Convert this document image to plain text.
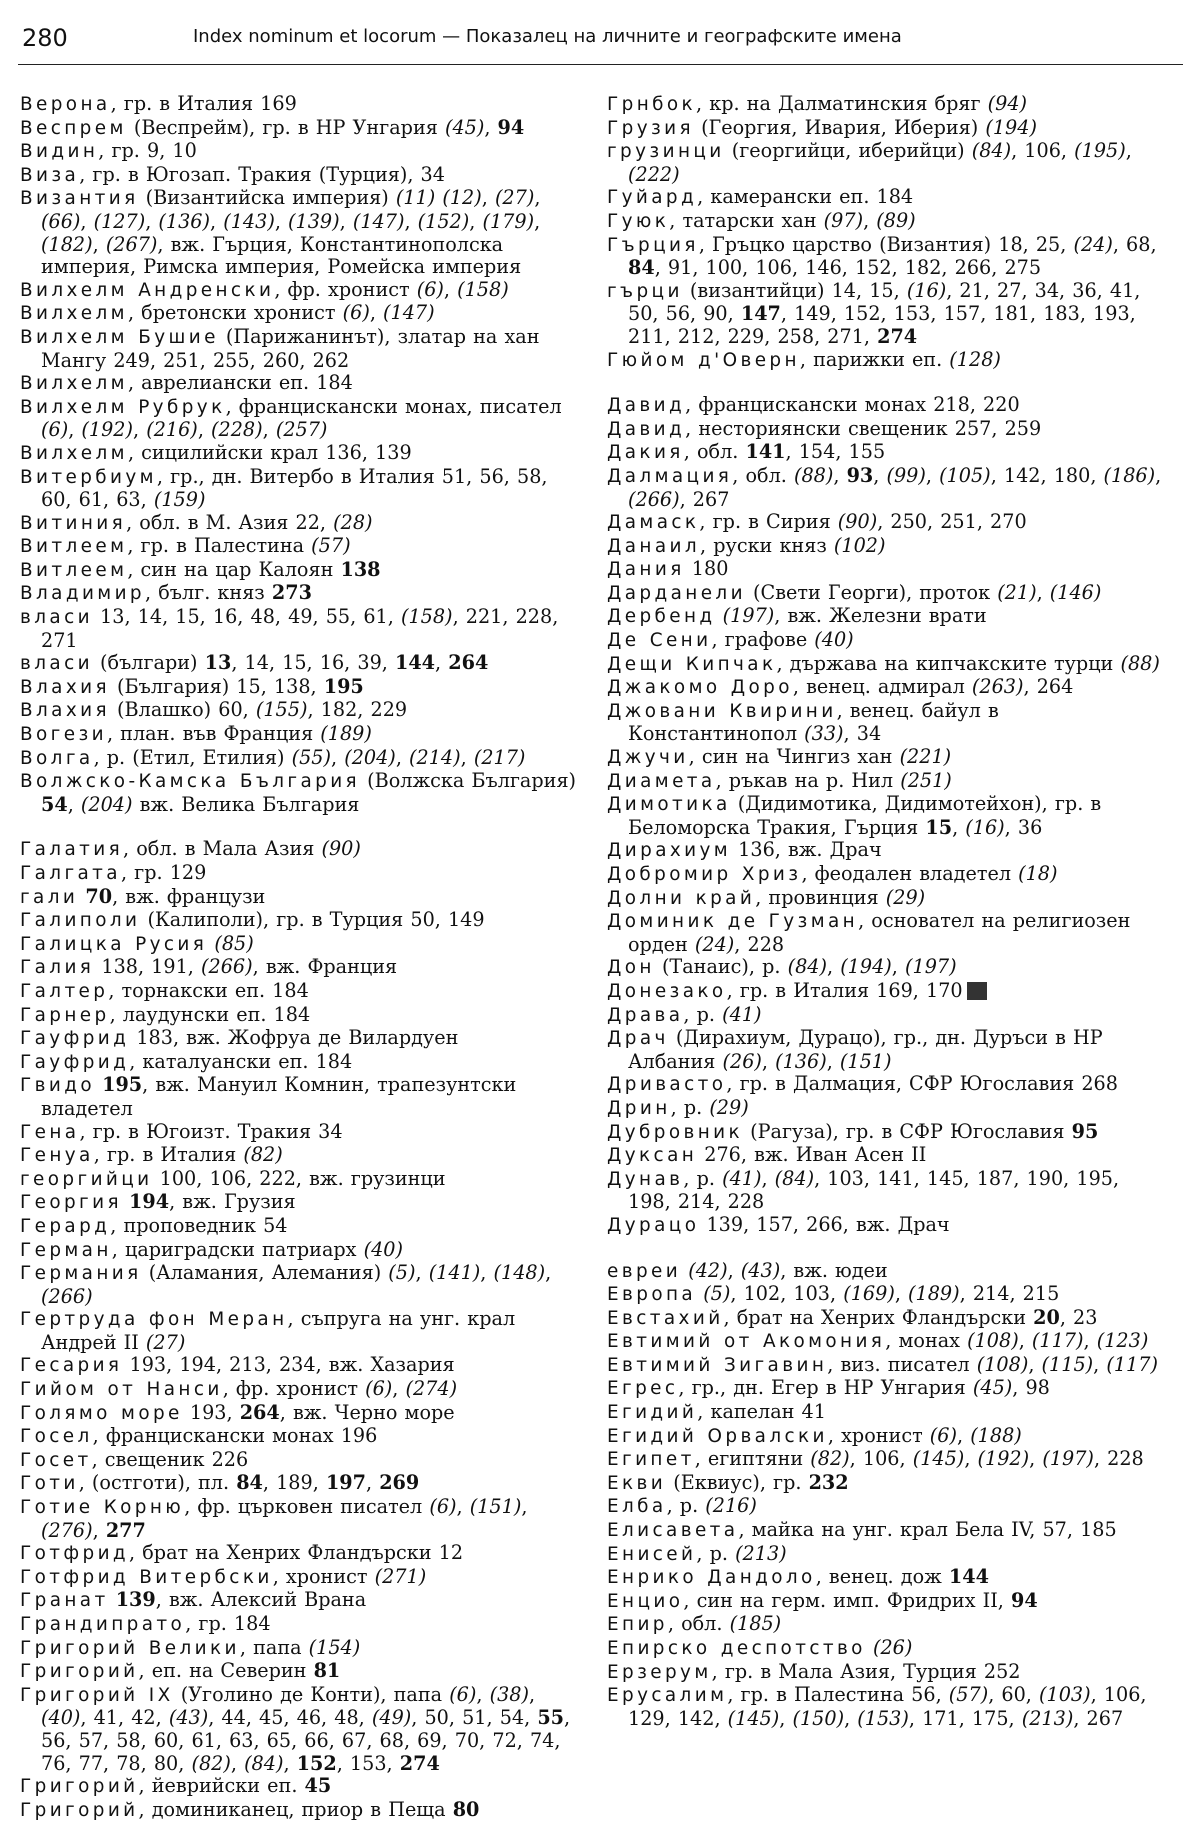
280	Index nominum et locorum — Показалец на личните и географските имена
Верона, гр. в Италия 169
Веспрем (Веспрейм), гр. в НР Унгария (45), 94
Видин, гр. 9, 10
Виза, гр. в Югозап. Тракия (Турция), 34
Византия (Византийска империя) (11) (12), (27), (66), (127), (136), (143), (139), (147), (152), (179), (182), (267), вж. Гърция, Константинополска империя, Римска империя, Ромейска империя
Вилхелм Андренски, фр. хронист (6), (158)
Вилхелм, бретонски хронист (6), (147)
Вилхелм Бушие (Парижанинът), златар на хан Мангу 249, 251, 255, 260, 262
Вилхелм, аврелиански еп. 184
Вилхелм Рубрук, францискански монах, писател (6), (192), (216), (228), (257)
Вилхелм, сицилийски крал 136, 139
Витербиум, гр., дн. Витербо в Италия 51, 56, 58, 60, 61, 63, (159)
Витиния, обл. в М. Азия 22, (28)
Витлеем, гр. в Палестина (57)
Витлеем, син на цар Калоян 138
Владимир, бълг. княз 273
власи 13, 14, 15, 16, 48, 49, 55, 61, (158), 221, 228, 271
власи (българи) 13, 14, 15, 16, 39, 144, 264
Влахия (България) 15, 138, 195
Влахия (Влашко) 60, (155), 182, 229
Вогези, план. във Франция (189)
Волга, р. (Етил, Етилия) (55), (204), (214), (217)
Волжско-Камска България (Волжска България) 54, (204) вж. Велика България
Галатия, обл. в Мала Азия (90)
Галгата, гр. 129
гали 70, вж. французи
Галиполи (Калиполи), гр. в Турция 50, 149
Галицка Русия (85)
Галия 138, 191, (266), вж. Франция
Галтер, торнакски еп. 184
Гарнер, лаудунски еп. 184
Гауфрид 183, вж. Жофруа де Вилардуен
Гауфрид, каталуански еп. 184
Гвидо 195, вж. Мануил Комнин, трапезунтски владетел
Гена, гр. в Югоизт. Тракия 34
Генуа, гр. в Италия (82)
георгийци 100, 106, 222, вж. грузинци
Георгия 194, вж. Грузия
Герард, проповедник 54
Герман, цариградски патриарх (40)
Германия (Аламания, Алемания) (5), (141), (148), (266)
Гертруда фон Меран, съпруга на унг. крал Андрей II (27)
Гесария 193, 194, 213, 234, вж. Хазария
Гийом от Нанси, фр. хронист (6), (274)
Голямо море 193, 264, вж. Черно море
Госел, францискански монах 196
Госет, свещеник 226
Готи, (остготи), пл. 84, 189, 197, 269
Готие Корню, фр. църковен писател (6), (151), (276), 277
Готфрид, брат на Хенрих Фландърски 12
Готфрид Витербски, хронист (271)
Гранат 139, вж. Алексий Врана
Грандипрато, гр. 184
Григорий Велики, папа (154)
Григорий, еп. на Северин 81
Григорий IX (Уголино де Конти), папа (6), (38), (40), 41, 42, (43), 44, 45, 46, 48, (49), 50, 51, 54, 55, 56, 57, 58, 60, 61, 63, 65, 66, 67, 68, 69, 70, 72, 74, 76, 77, 78, 80, (82), (84), 152, 153, 274
Григорий, йеврийски еп. 45
Григорий, доминиканец, приор в Пеща 80
Грнбок, кр. на Далматинския бряг (94)
Грузия (Георгия, Ивария, Иберия) (194)
грузинци (георгийци, иберийци) (84), 106, (195), (222)
Гуйард, камерански еп. 184
Гуюк, татарски хан (97), (89)
Гърция, Гръцко царство (Византия) 18, 25, (24), 68, 84, 91, 100, 106, 146, 152, 182, 266, 275
гърци (византийци) 14, 15, (16), 21, 27, 34, 36, 41, 50, 56, 90, 147, 149, 152, 153, 157, 181, 183, 193, 211, 212, 229, 258, 271, 274
Гюйом д'Оверн, парижки еп. (128)
Давид, францискански монах 218, 220
Давид, несториянски свещеник 257, 259
Дакия, обл. 141, 154, 155
Далмация, обл. (88), 93, (99), (105), 142, 180, (186), (266), 267
Дамаск, гр. в Сирия (90), 250, 251, 270
Данаил, руски княз (102)
Дания 180
Дарданели (Свети Георги), проток (21), (146)
Дербенд (197), вж. Железни врати
Де Сени, графове (40)
Дещи Кипчак, държава на кипчакските турци (88)
Джакомо Доро, венец. адмирал (263), 264
Джовани Квирини, венец. байул в Константинопол (33), 34
Джучи, син на Чингиз хан (221)
Диамета, ръкав на р. Нил (251)
Димотика (Дидимотика, Дидимотейхон), гр. в Беломорска Тракия, Гърция 15, (16), 36
Дирахиум 136, вж. Драч
Добромир Хриз, феодален владетел (18)
Долни край, провинция (29)
Доминик де Гузман, основател на религиозен орден (24), 228
Дон (Танаис), р. (84), (194), (197)
Донезако, гр. в Италия 169, 170
Драва, р. (41)
Драч (Дирахиум, Дурацо), гр., дн. Дуръси в НР Албания (26), (136), (151)
Дривасто, гр. в Далмация, СФР Югославия 268
Дрин, р. (29)
Дубровник (Рагуза), гр. в СФР Югославия 95
Дуксан 276, вж. Иван Асен II
Дунав, р. (41), (84), 103, 141, 145, 187, 190, 195, 198, 214, 228
Дурацо 139, 157, 266, вж. Драч
евреи (42), (43), вж. юдеи
Европа (5), 102, 103, (169), (189), 214, 215
Евстахий, брат на Хенрих Фландърски 20, 23
Евтимий от Акомония, монах (108), (117), (123)
Евтимий Зигавин, виз. писател (108), (115), (117)
Егрес, гр., дн. Егер в НР Унгария (45), 98
Егидий, капелан 41
Егидий Орвалски, хронист (6), (188)
Египет, египтяни (82), 106, (145), (192), (197), 228
Екви (Еквиус), гр. 232
Елба, р. (216)
Елисавета, майка на унг. крал Бела IV, 57, 185
Енисей, р. (213)
Енрико Дандоло, венец. дож 144
Енцио, син на герм. имп. Фридрих II, 94
Епир, обл. (185)
Епирско деспотство (26)
Ерзерум, гр. в Мала Азия, Турция 252
Ерусалим, гр. в Палестина 56, (57), 60, (103), 106, 129, 142, (145), (150), (153), 171, 175, (213), 267
